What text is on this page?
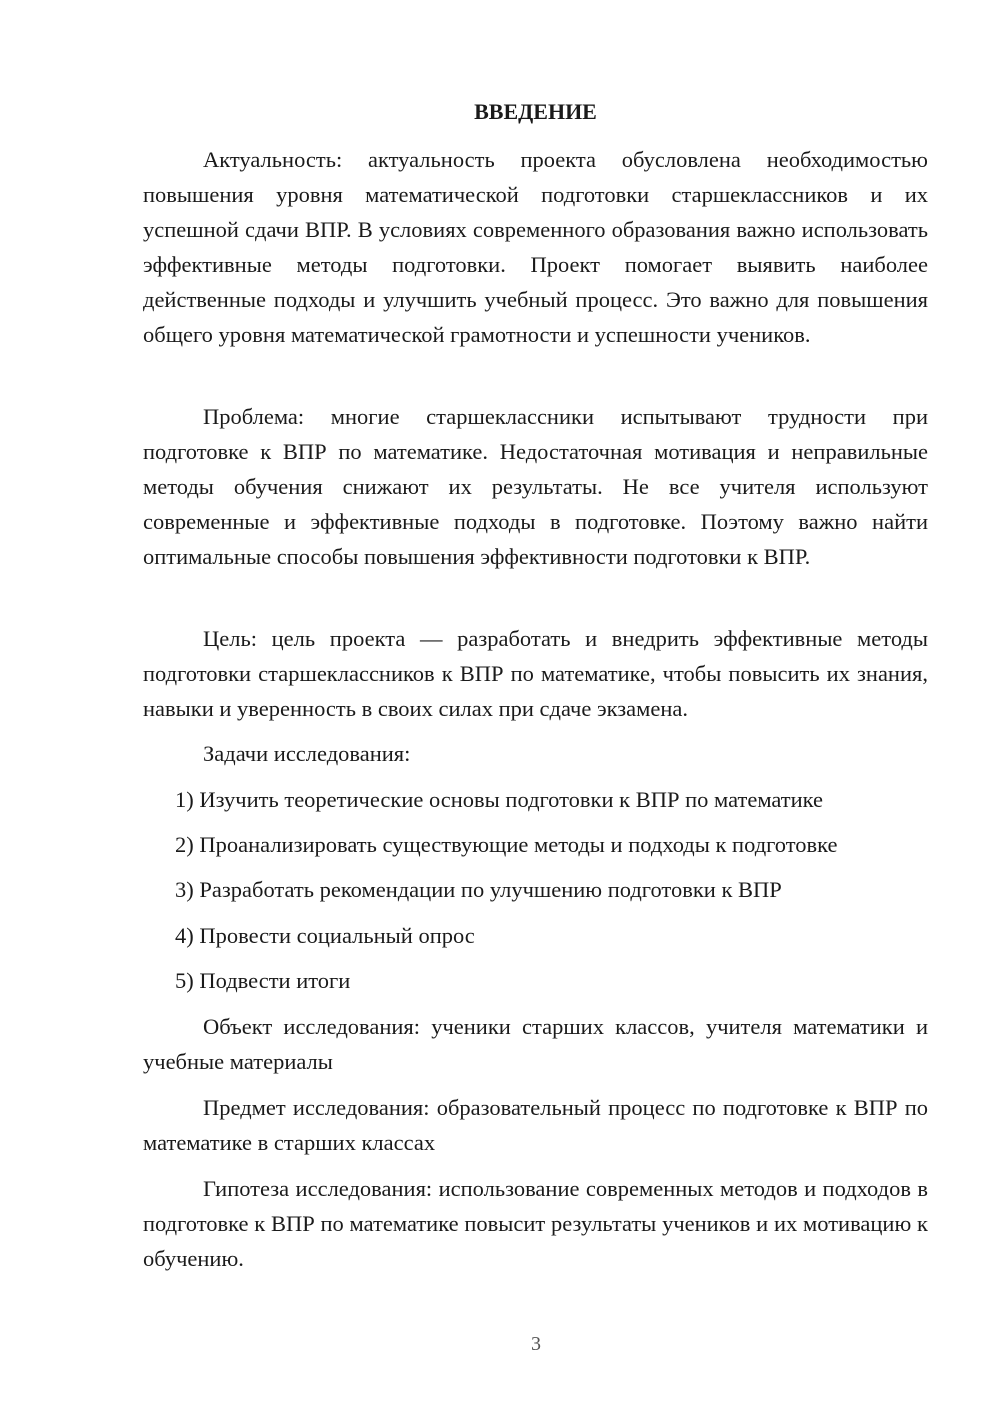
ВВЕДЕНИЕ

Актуальность: актуальность проекта обусловлена необходимостью повышения уровня математической подготовки старшеклассников и их успешной сдачи ВПР. В условиях современного образования важно использовать эффективные методы подготовки. Проект помогает выявить наиболее действенные подходы и улучшить учебный процесс. Это важно для повышения общего уровня математической грамотности и успешности учеников.

Проблема: многие старшеклассники испытывают трудности при подготовке к ВПР по математике. Недостаточная мотивация и неправильные методы обучения снижают их результаты. Не все учителя используют современные и эффективные подходы в подготовке. Поэтому важно найти оптимальные способы повышения эффективности подготовки к ВПР.

Цель: цель проекта — разработать и внедрить эффективные методы подготовки старшеклассников к ВПР по математике, чтобы повысить их знания, навыки и уверенность в своих силах при сдаче экзамена.

Задачи исследования:

1) Изучить теоретические основы подготовки к ВПР по математике

2) Проанализировать существующие методы и подходы к подготовке

3) Разработать рекомендации по улучшению подготовки к ВПР

4) Провести социальный опрос

5) Подвести итоги

Объект исследования: ученики старших классов, учителя математики и учебные материалы

Предмет исследования: образовательный процесс по подготовке к ВПР по математике в старших классах

Гипотеза исследования: использование современных методов и подходов в подготовке к ВПР по математике повысит результаты учеников и их мотивацию к обучению.

3
